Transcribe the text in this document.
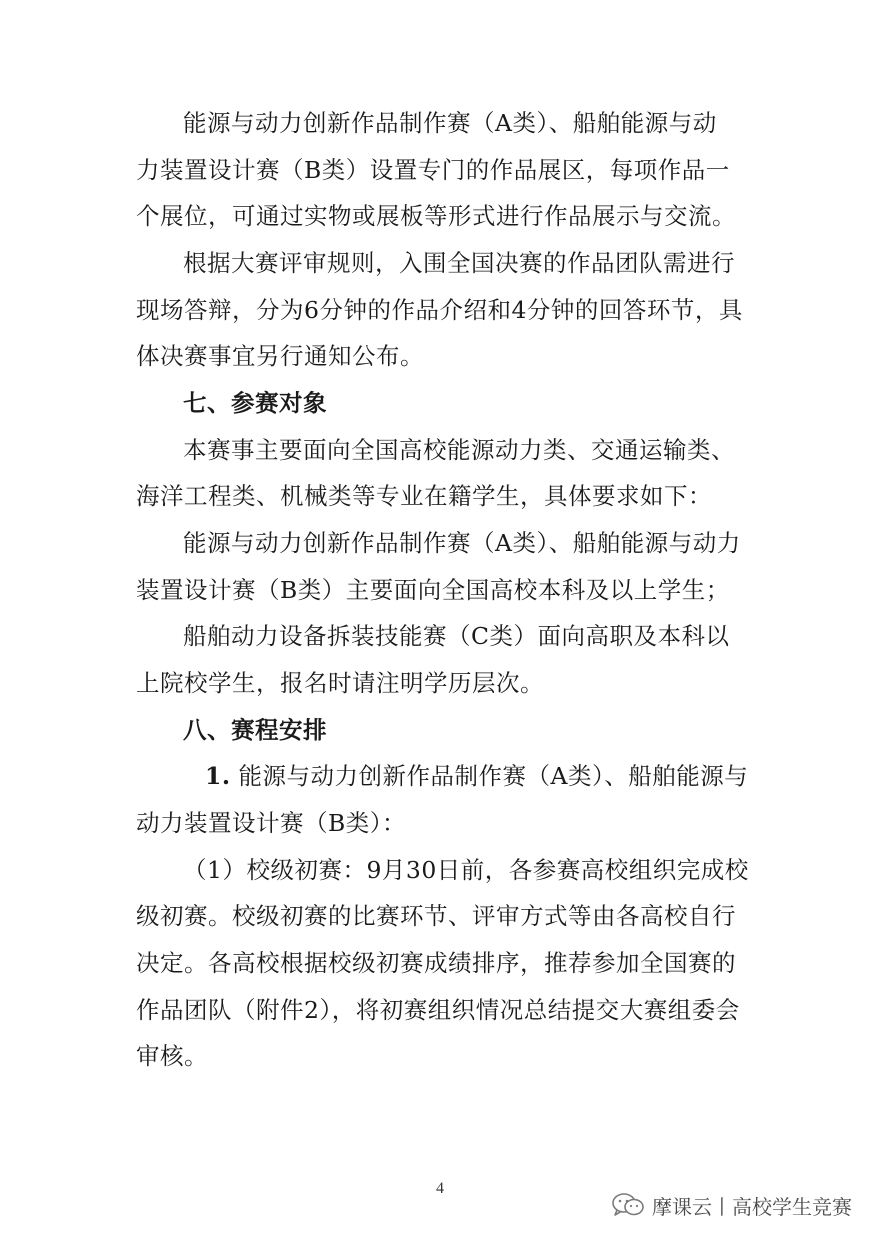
能源与动力创新作品制作赛（A类）、船舶能源与动
力装置设计赛（B类）设置专门的作品展区，每项作品一
个展位，可通过实物或展板等形式进行作品展示与交流。
根据大赛评审规则，入围全国决赛的作品团队需进行
现场答辩，分为6分钟的作品介绍和4分钟的回答环节，具
体决赛事宜另行通知公布。
七、参赛对象
本赛事主要面向全国高校能源动力类、交通运输类、
海洋工程类、机械类等专业在籍学生，具体要求如下：
能源与动力创新作品制作赛（A类）、船舶能源与动力
装置设计赛（B类）主要面向全国高校本科及以上学生；
船舶动力设备拆装技能赛（C类）面向高职及本科以
上院校学生，报名时请注明学历层次。
八、赛程安排
1. 能源与动力创新作品制作赛（A类）、船舶能源与
动力装置设计赛（B类）：
（1）校级初赛：9月30日前，各参赛高校组织完成校
级初赛。校级初赛的比赛环节、评审方式等由各高校自行
决定。各高校根据校级初赛成绩排序，推荐参加全国赛的
作品团队（附件2），将初赛组织情况总结提交大赛组委会
审核。
4
摩课云丨高校学生竞赛
